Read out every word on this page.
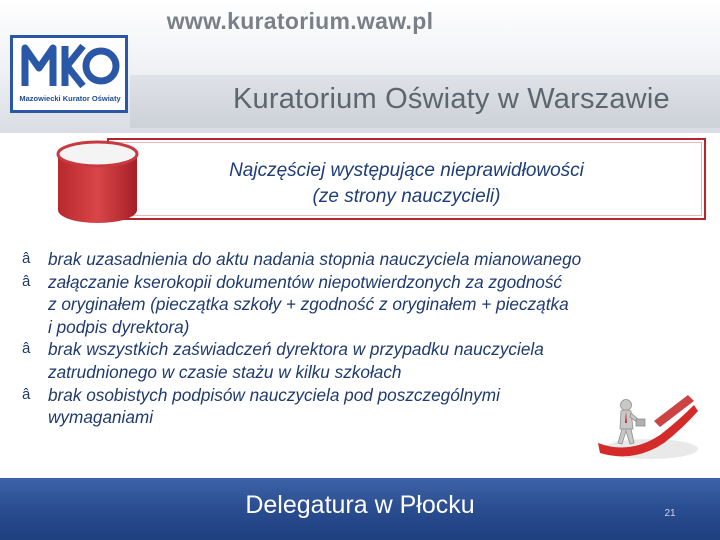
www.kuratorium.waw.pl
Mazowiecki Kurator Oświaty	Kuratorium Oświaty w Warszawie
Najczęściej występujące nieprawidłowości
(ze strony nauczycieli)
â brak uzasadnienia do aktu nadania stopnia nauczyciela mianowanego
â załączanie kserokopii dokumentów niepotwierdzonych za zgodność
z oryginałem (pieczątka szkoły + zgodność z oryginałem + pieczątka
i podpis dyrektora)
â brak wszystkich zaświadczeń dyrektora w przypadku nauczyciela
zatrudnionego w czasie stażu w kilku szkołach
â brak osobistych podpisów nauczyciela pod poszczególnymi
wymaganiami
Delegatura w Płocku	21
